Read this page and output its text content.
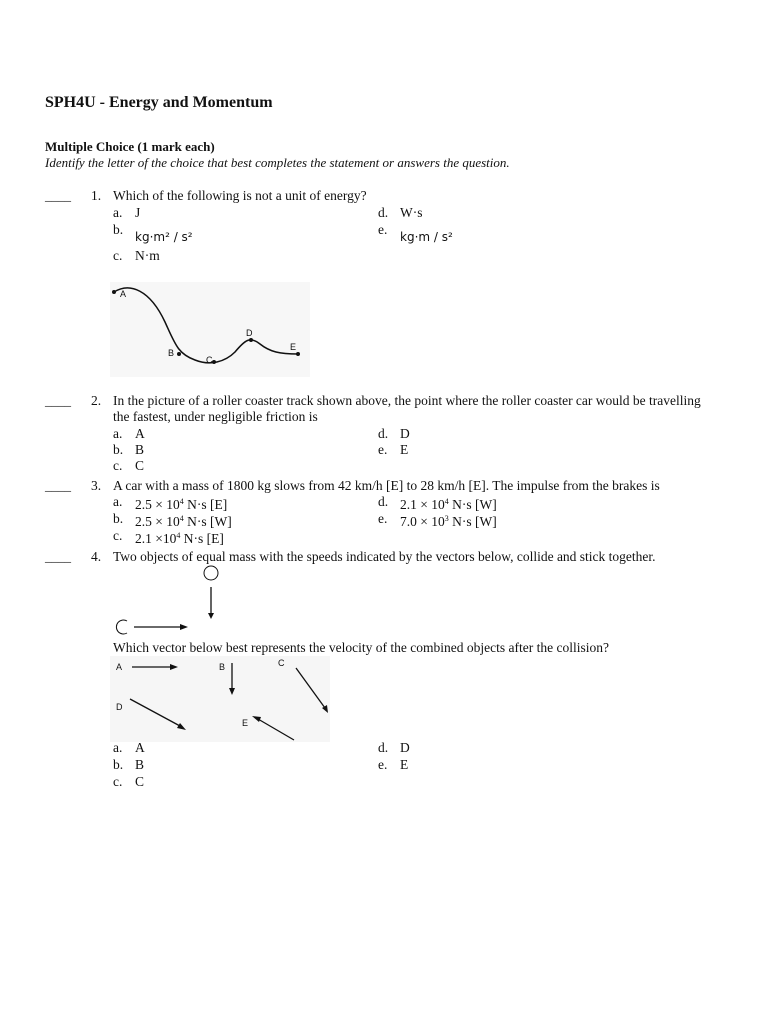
SPH4U - Energy and Momentum
Multiple Choice (1 mark each)
Identify the letter of the choice that best completes the statement or answers the question.
____ 1. Which of the following is not a unit of energy?
a. J	d. W·s
b. kg·m² / s²	e. kg·m / s²
c. N·m
A
B
C
D
E
____ 2. In the picture of a roller coaster track shown above, the point where the roller coaster car would be travelling
the fastest, under negligible friction is
a. A	d. D
b. B	e. E
c. C
____ 3. A car with a mass of 1800 kg slows from 42 km/h [E] to 28 km/h [E]. The impulse from the brakes is
a. $2.5 \times 10^4$ N·s [E]	d. $2.1 \times 10^4$ N·s [W]
b. $2.5 \times 10^4$ N·s [W]	e. $7.0 \times 10^3$ N·s [W]
c. $2.1 \times 10^4$ N·s [E]
____ 4. Two objects of equal mass with the speeds indicated by the vectors below, collide and stick together.
Which vector below best represents the velocity of the combined objects after the collision?
A	B	C
D
E
a. A	d. D
b. B	e. E
c. C
